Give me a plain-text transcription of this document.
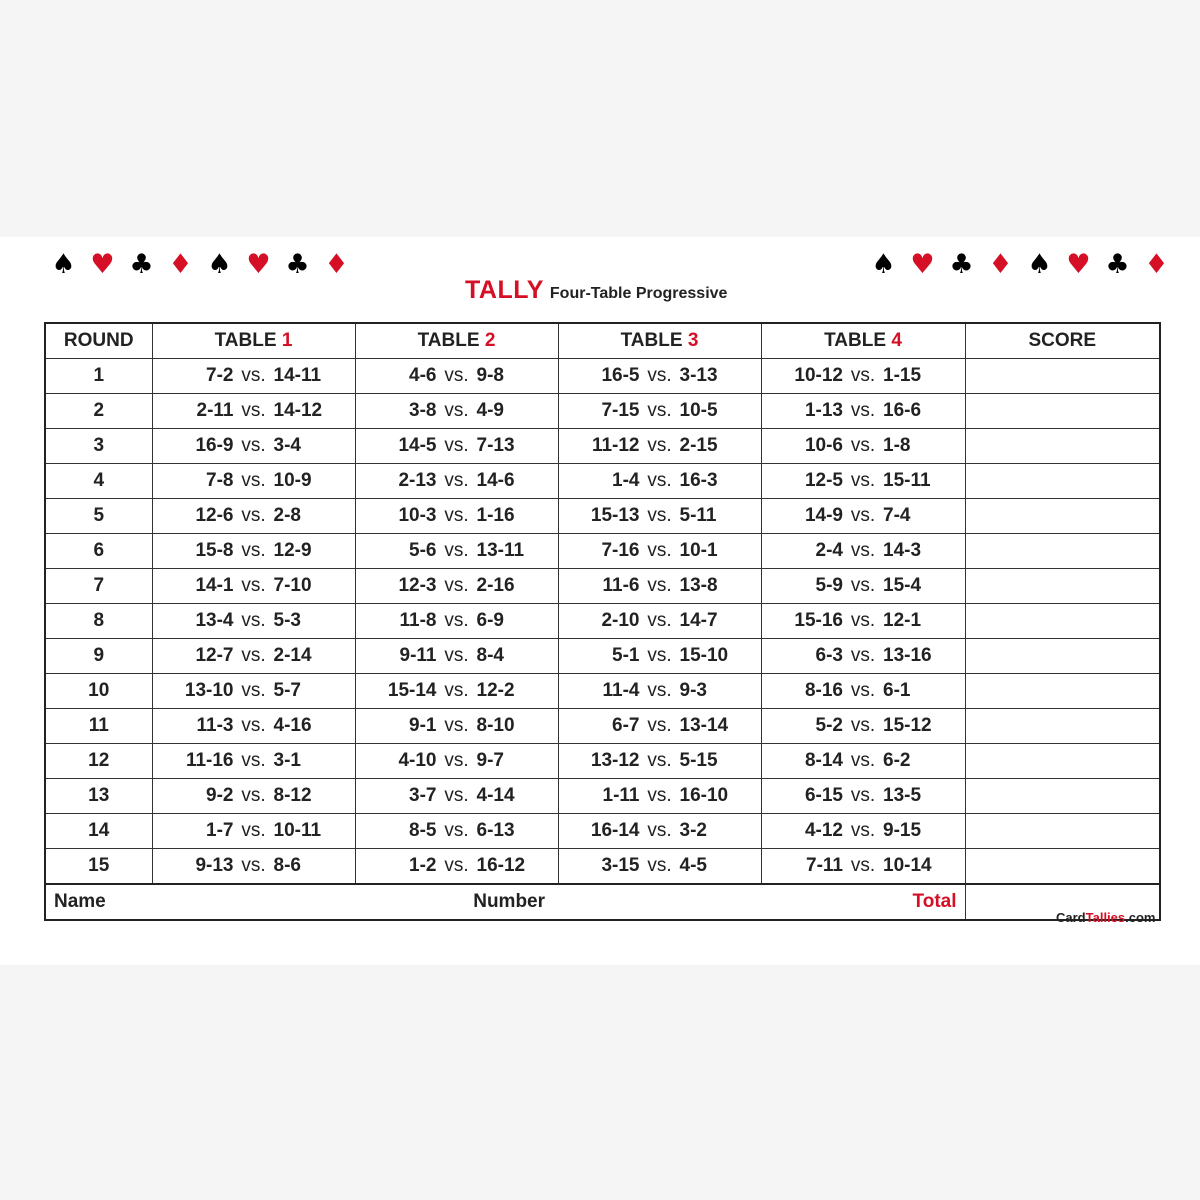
♠ ♥ ♣ ♦ ♠ ♥ ♣ ♦	♠ ♥ ♣ ♦ ♠ ♥ ♣ ♦
TALLY Four-Table Progressive
ROUND	TABLE 1	TABLE 2	TABLE 3	TABLE 4	SCORE
1	7-2 vs. 14-11	4-6 vs. 9-8	16-5 vs. 3-13	10-12 vs. 1-15	
2	2-11 vs. 14-12	3-8 vs. 4-9	7-15 vs. 10-5	1-13 vs. 16-6	
3	16-9 vs. 3-4	14-5 vs. 7-13	11-12 vs. 2-15	10-6 vs. 1-8	
4	7-8 vs. 10-9	2-13 vs. 14-6	1-4 vs. 16-3	12-5 vs. 15-11	
5	12-6 vs. 2-8	10-3 vs. 1-16	15-13 vs. 5-11	14-9 vs. 7-4	
6	15-8 vs. 12-9	5-6 vs. 13-11	7-16 vs. 10-1	2-4 vs. 14-3	
7	14-1 vs. 7-10	12-3 vs. 2-16	11-6 vs. 13-8	5-9 vs. 15-4	
8	13-4 vs. 5-3	11-8 vs. 6-9	2-10 vs. 14-7	15-16 vs. 12-1	
9	12-7 vs. 2-14	9-11 vs. 8-4	5-1 vs. 15-10	6-3 vs. 13-16	
10	13-10 vs. 5-7	15-14 vs. 12-2	11-4 vs. 9-3	8-16 vs. 6-1	
11	11-3 vs. 4-16	9-1 vs. 8-10	6-7 vs. 13-14	5-2 vs. 15-12	
12	11-16 vs. 3-1	4-10 vs. 9-7	13-12 vs. 5-15	8-14 vs. 6-2	
13	9-2 vs. 8-12	3-7 vs. 4-14	1-11 vs. 16-10	6-15 vs. 13-5	
14	1-7 vs. 10-11	8-5 vs. 6-13	16-14 vs. 3-2	4-12 vs. 9-15	
15	9-13 vs. 8-6	1-2 vs. 16-12	3-15 vs. 4-5	7-11 vs. 10-14	

Name Number Total					

CardTallies.com
